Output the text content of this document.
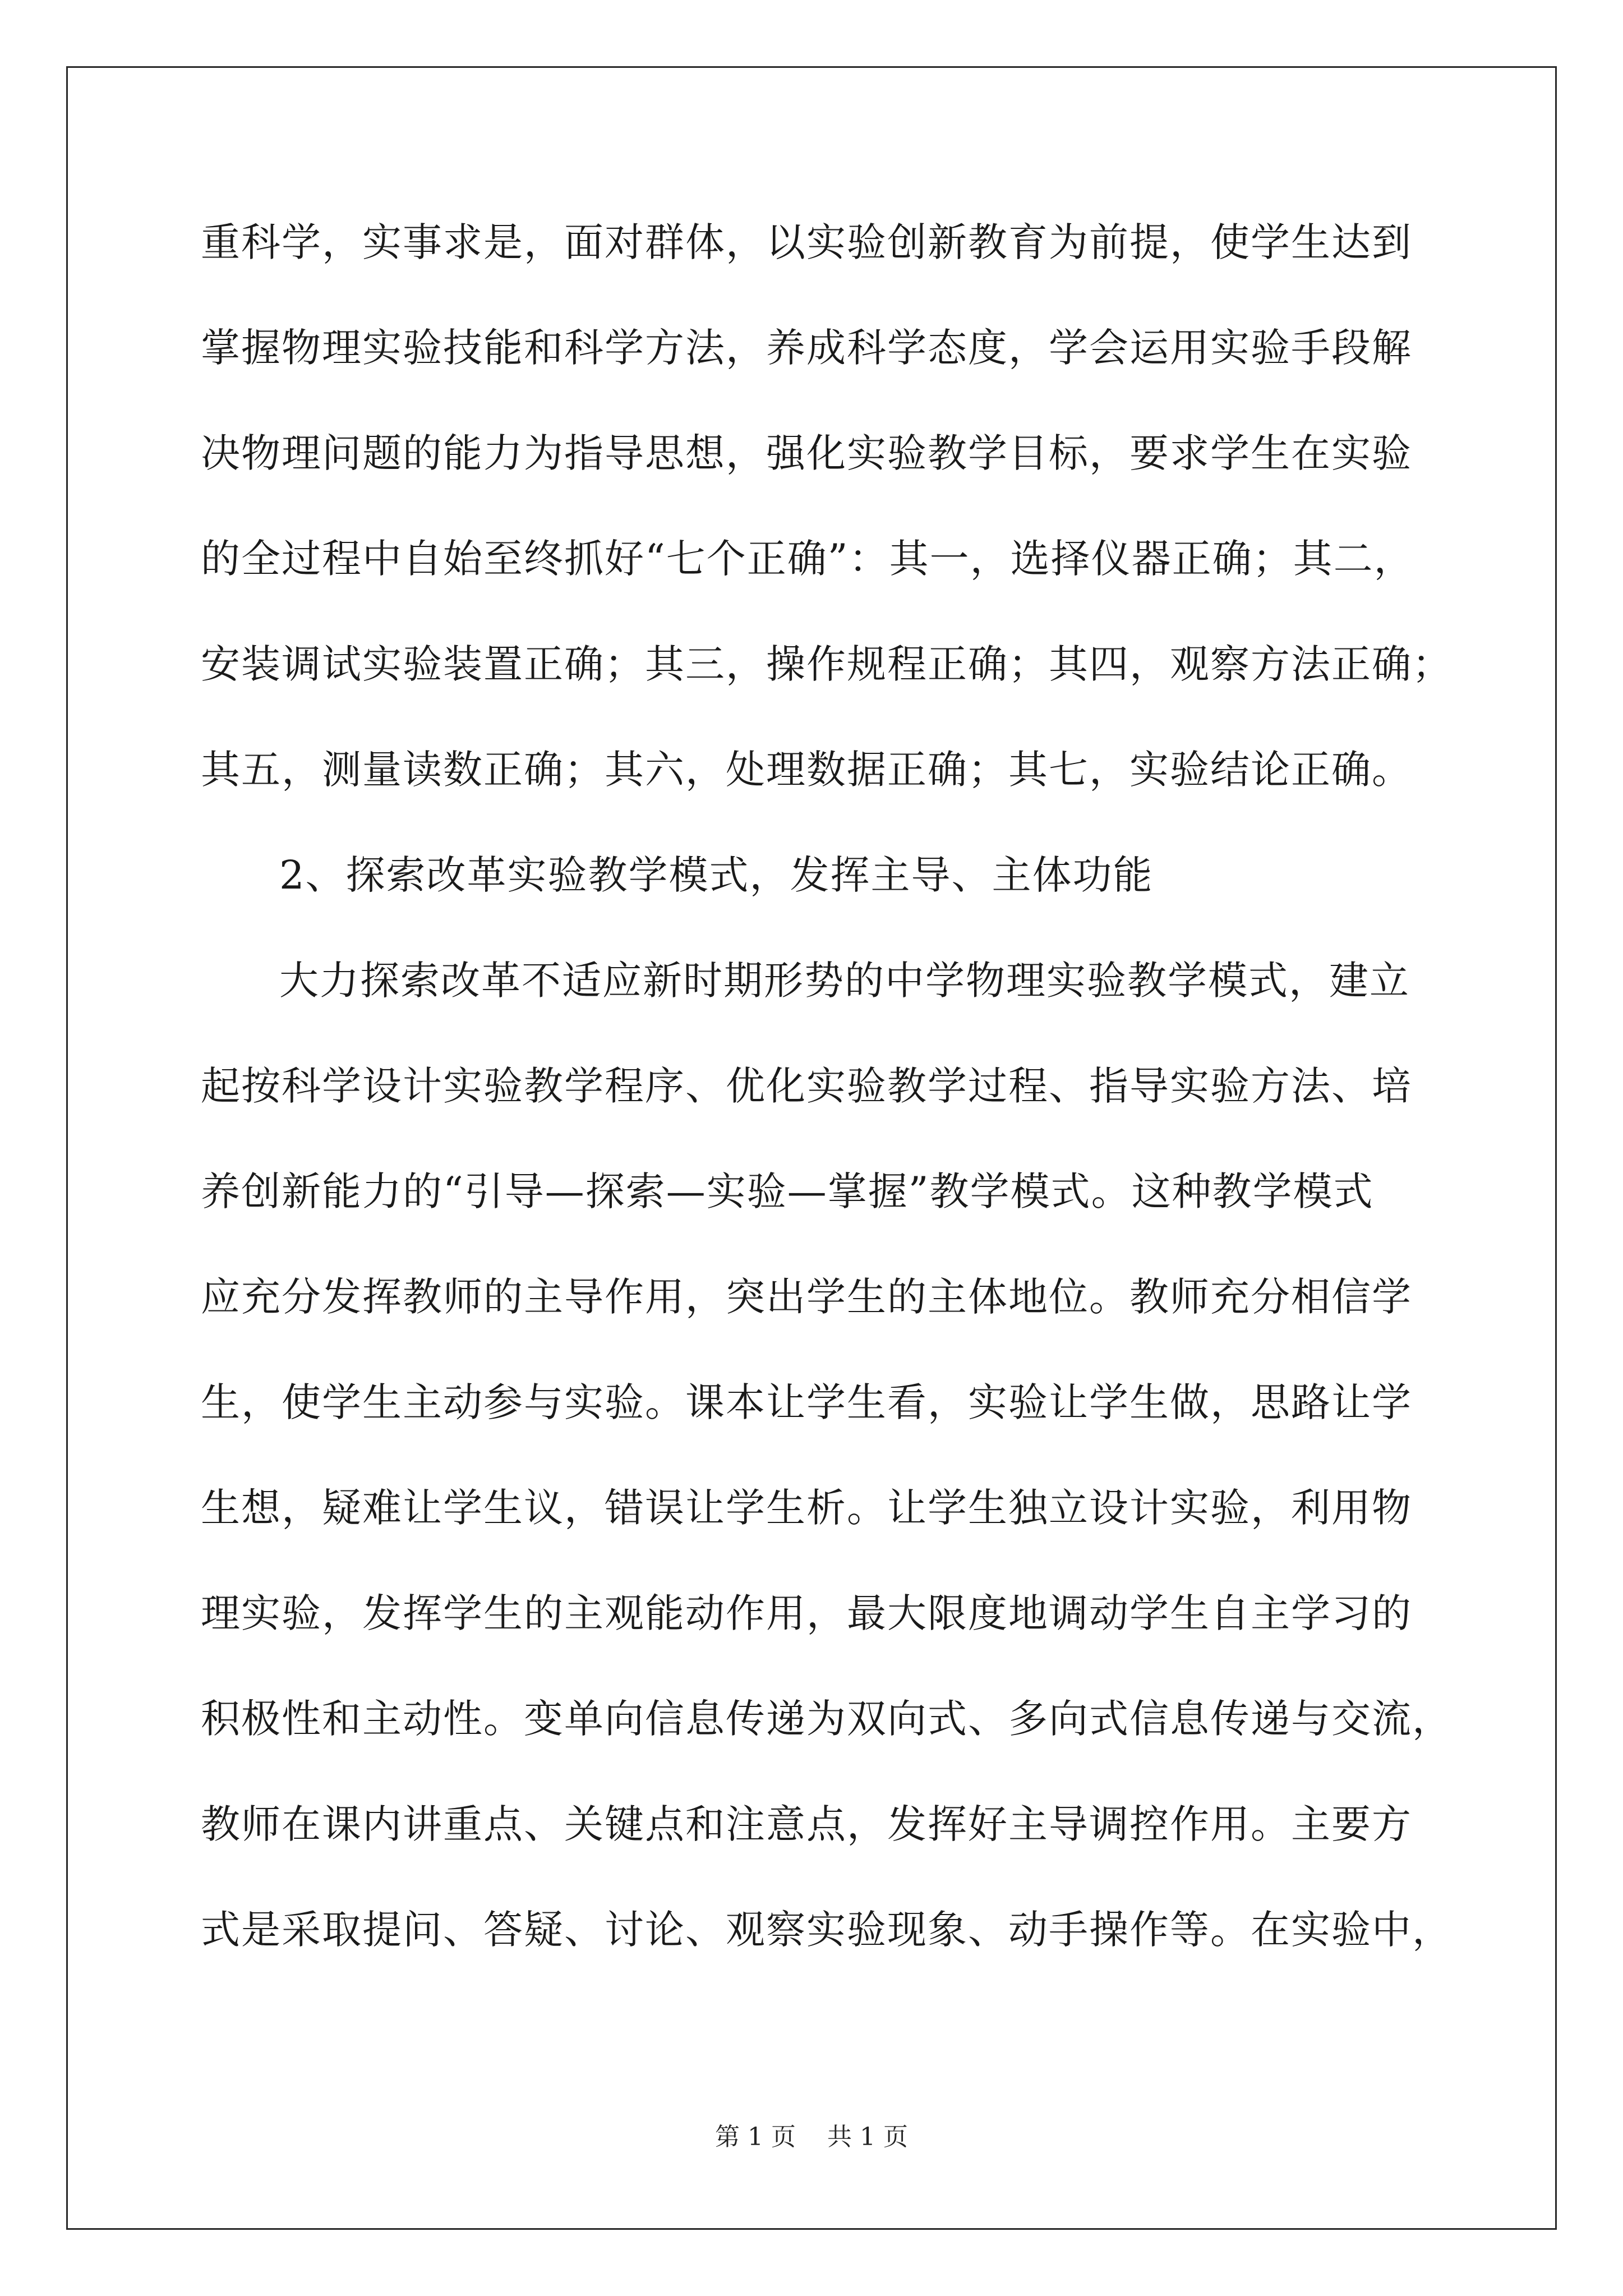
重科学，实事求是，面对群体，以实验创新教育为前提，使学生达到
掌握物理实验技能和科学方法，养成科学态度，学会运用实验手段解
决物理问题的能力为指导思想，强化实验教学目标，要求学生在实验
的全过程中自始至终抓好“七个正确”：其一，选择仪器正确；其二，
安装调试实验装置正确；其三，操作规程正确；其四，观察方法正确；
其五，测量读数正确；其六，处理数据正确；其七，实验结论正确。
2、探索改革实验教学模式，发挥主导、主体功能
大力探索改革不适应新时期形势的中学物理实验教学模式，建立
起按科学设计实验教学程序、优化实验教学过程、指导实验方法、培
养创新能力的“引导—探索—实验—掌握”教学模式。这种教学模式
应充分发挥教师的主导作用，突出学生的主体地位。教师充分相信学
生，使学生主动参与实验。课本让学生看，实验让学生做，思路让学
生想，疑难让学生议，错误让学生析。让学生独立设计实验，利用物
理实验，发挥学生的主观能动作用，最大限度地调动学生自主学习的
积极性和主动性。变单向信息传递为双向式、多向式信息传递与交流，
教师在课内讲重点、关键点和注意点，发挥好主导调控作用。主要方
式是采取提问、答疑、讨论、观察实验现象、动手操作等。在实验中，
第 1 页 共 1 页
